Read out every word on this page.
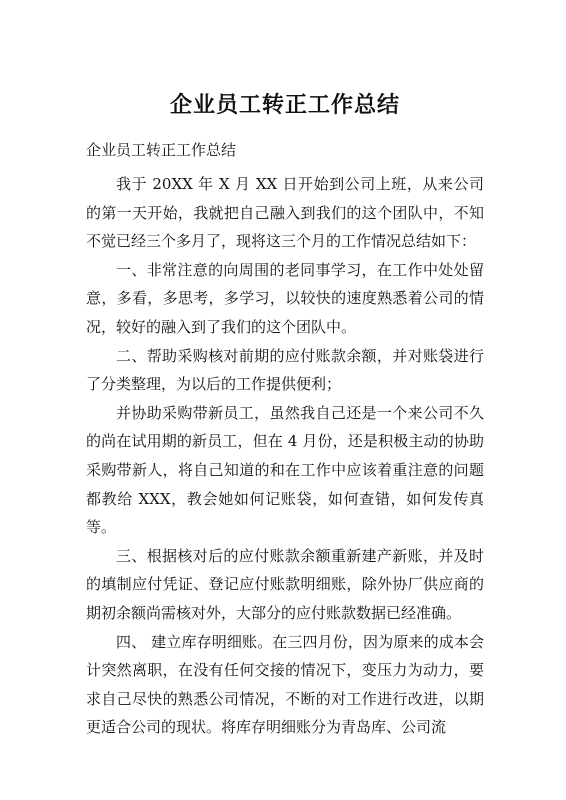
企业员工转正工作总结

企业员工转正工作总结

我于 20XX 年 X 月 XX 日开始到公司上班，从来公司的第一天开始，我就把自己融入到我们的这个团队中，不知不觉已经三个多月了，现将这三个月的工作情况总结如下：

一、非常注意的向周围的老同事学习，在工作中处处留意，多看，多思考，多学习，以较快的速度熟悉着公司的情况，较好的融入到了我们的这个团队中。

二、帮助采购核对前期的应付账款余额，并对账袋进行了分类整理，为以后的工作提供便利；

并协助采购带新员工，虽然我自己还是一个来公司不久的尚在试用期的新员工，但在 4 月份，还是积极主动的协助采购带新人，将自己知道的和在工作中应该着重注意的问题都教给 XXX，教会她如何记账袋，如何查错，如何发传真等。

三、根据核对后的应付账款余额重新建产新账，并及时的填制应付凭证、登记应付账款明细账，除外协厂供应商的期初余额尚需核对外，大部分的应付账款数据已经准确。

四、 建立库存明细账。在三四月份，因为原来的成本会计突然离职，在没有任何交接的情况下，变压力为动力，要求自己尽快的熟悉公司情况，不断的对工作进行改进，以期更适合公司的现状。将库存明细账分为青岛库、公司流
